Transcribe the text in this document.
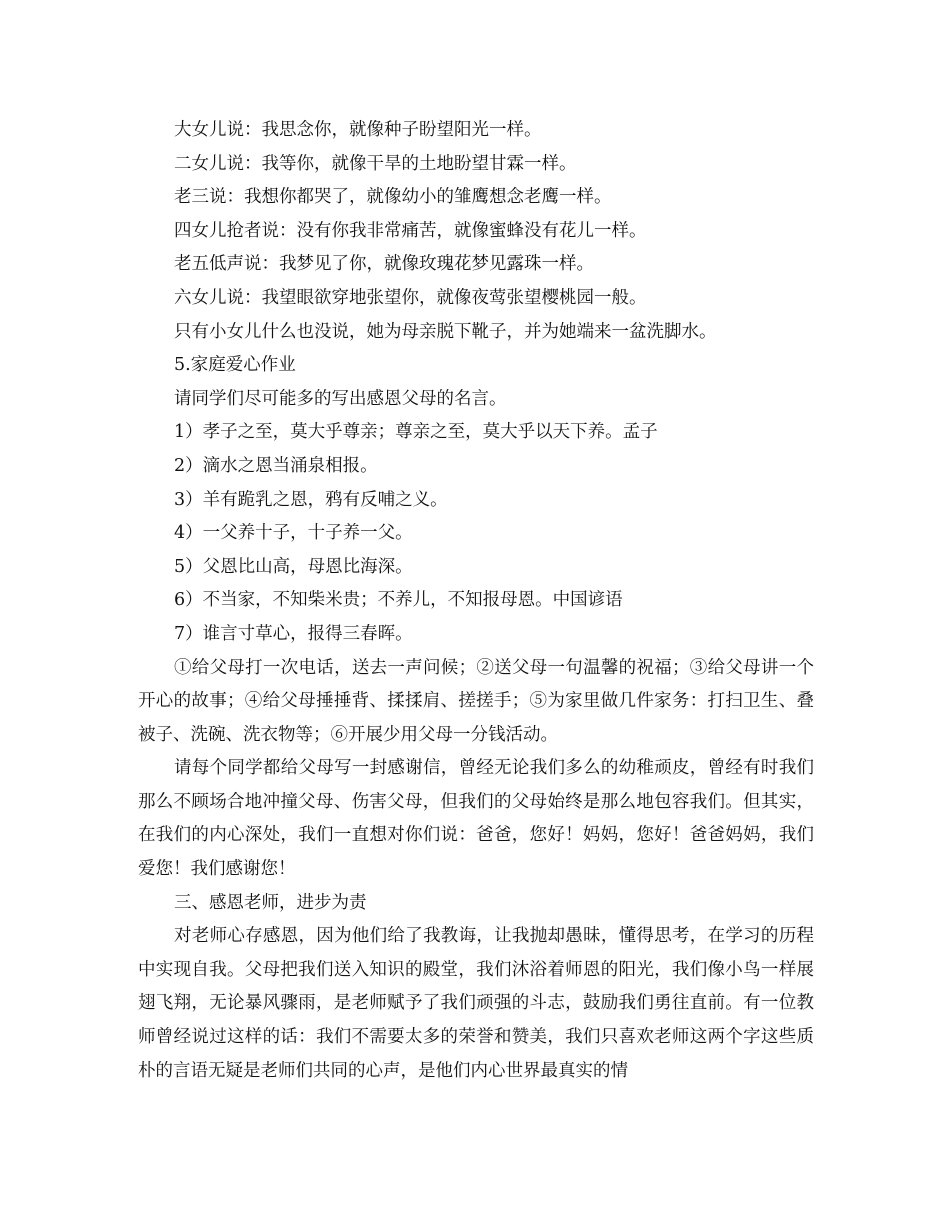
大女儿说：我思念你，就像种子盼望阳光一样。
二女儿说：我等你，就像干旱的土地盼望甘霖一样。
老三说：我想你都哭了，就像幼小的雏鹰想念老鹰一样。
四女儿抢者说：没有你我非常痛苦，就像蜜蜂没有花儿一样。
老五低声说：我梦见了你，就像玫瑰花梦见露珠一样。
六女儿说：我望眼欲穿地张望你，就像夜莺张望樱桃园一般。
只有小女儿什么也没说，她为母亲脱下靴子，并为她端来一盆洗脚水。
5.家庭爱心作业
请同学们尽可能多的写出感恩父母的名言。
1）孝子之至，莫大乎尊亲；尊亲之至，莫大乎以天下养。孟子
2）滴水之恩当涌泉相报。
3）羊有跪乳之恩，鸦有反哺之义。
4）一父养十子，十子养一父。
5）父恩比山高，母恩比海深。
6）不当家，不知柴米贵；不养儿，不知报母恩。中国谚语
7）谁言寸草心，报得三春晖。
①给父母打一次电话，送去一声问候；②送父母一句温馨的祝福；③给父母讲一个开心的故事；④给父母捶捶背、揉揉肩、搓搓手；⑤为家里做几件家务：打扫卫生、叠被子、洗碗、洗衣物等；⑥开展少用父母一分钱活动。
请每个同学都给父母写一封感谢信，曾经无论我们多么的幼稚顽皮，曾经有时我们那么不顾场合地冲撞父母、伤害父母，但我们的父母始终是那么地包容我们。但其实，在我们的内心深处，我们一直想对你们说：爸爸，您好！妈妈，您好！爸爸妈妈，我们爱您！我们感谢您！
三、感恩老师，进步为责
对老师心存感恩，因为他们给了我教诲，让我抛却愚昧，懂得思考，在学习的历程中实现自我。父母把我们送入知识的殿堂，我们沐浴着师恩的阳光，我们像小鸟一样展翅飞翔，无论暴风骤雨，是老师赋予了我们顽强的斗志，鼓励我们勇往直前。有一位教师曾经说过这样的话：我们不需要太多的荣誉和赞美，我们只喜欢老师这两个字这些质朴的言语无疑是老师们共同的心声，是他们内心世界最真实的情
